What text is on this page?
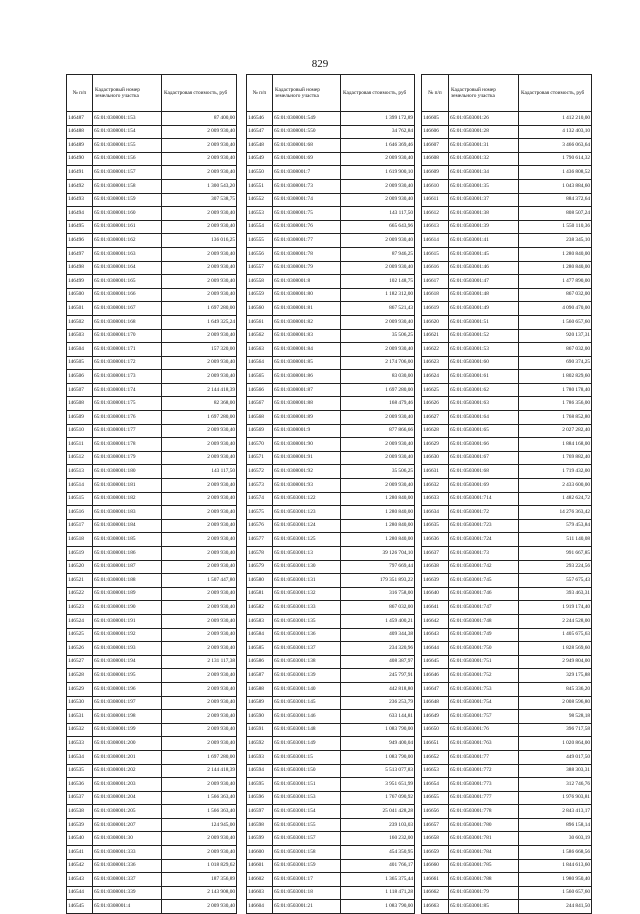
829
№ п/п	Кадастровый номер земельного участка	Кадастровая стоимость, руб
146487	65:01:0308001:153	87 400,00
146488	65:01:0308001:154	2 009 930,40
146489	65:01:0308001:155	2 009 930,40
146490	65:01:0308001:156	2 009 930,40
146491	65:01:0308001:157	2 009 930,40
146492	65:01:0308001:158	1 300 543,20
146493	65:01:0308001:159	307 538,75
146494	65:01:0308001:160	2 009 930,40
146495	65:01:0308001:161	2 009 930,40
146496	65:01:0308001:162	136 016,25
146497	65:01:0308001:163	2 009 930,40
146498	65:01:0308001:164	2 009 930,40
146499	65:01:0308001:165	2 009 930,40
146500	65:01:0308001:166	2 009 930,40
146501	65:01:0308001:167	1 697 280,00
146502	65:01:0308001:168	1 649 325,24
146503	65:01:0308001:170	2 009 930,40
146504	65:01:0308001:171	157 320,00
146505	65:01:0308001:172	2 009 930,40
146506	65:01:0308001:173	2 009 930,40
146507	65:01:0308001:174	2 144 418,39
146508	65:01:0308001:175	82 368,00
146509	65:01:0308001:176	1 697 280,00
146510	65:01:0308001:177	2 009 930,40
146511	65:01:0308001:178	2 009 930,40
146512	65:01:0308001:179	2 009 930,40
146513	65:01:0308001:180	143 117,50
146514	65:01:0308001:181	2 009 930,40
146515	65:01:0308001:182	2 009 930,40
146516	65:01:0308001:183	2 009 930,40
146517	65:01:0308001:184	2 009 930,40
146518	65:01:0308001:185	2 009 930,40
146519	65:01:0308001:186	2 009 930,40
146520	65:01:0308001:187	2 009 930,40
146521	65:01:0308001:188	1 507 447,80
146522	65:01:0308001:189	2 009 930,40
146523	65:01:0308001:190	2 009 930,40
146524	65:01:0308001:191	2 009 930,40
146525	65:01:0308001:192	2 009 930,40
146526	65:01:0308001:193	2 009 930,40
146527	65:01:0308001:194	2 131 117,38
146528	65:01:0308001:195	2 009 930,40
146529	65:01:0308001:196	2 009 930,40
146530	65:01:0308001:197	2 009 930,40
146531	65:01:0308001:198	2 009 930,40
146532	65:01:0308001:199	2 009 930,40
146533	65:01:0308001:200	2 009 930,40
146534	65:01:0308001:201	1 697 280,00
146535	65:01:0308001:202	2 144 418,39
146536	65:01:0308001:203	2 009 930,40
146537	65:01:0308001:204	1 566 363,40
146538	65:01:0308001:205	1 566 363,40
146539	65:01:0308001:207	124 945,00
146540	65:01:0308001:30	2 009 930,40
146541	65:01:0308001:333	2 009 930,40
146542	65:01:0308001:336	1 018 829,62
146543	65:01:0308001:337	187 356,89
146544	65:01:0308001:339	2 143 908,00
146545	65:01:0308001:4	2 009 930,40
№ п/п	Кадастровый номер земельного участка	Кадастровая стоимость, руб
146546	65:01:0308001:549	1 399 172,89
146547	65:01:0308001:550	34 762,84
146548	65:01:0308001:68	1 646 369,46
146549	65:01:0308001:69	2 009 930,40
146550	65:01:0308001:7	1 619 900,10
146551	65:01:0308001:73	2 009 930,40
146552	65:01:0308001:74	2 009 930,40
146553	65:01:0308001:75	143 117,50
146554	65:01:0308001:76	665 643,96
146555	65:01:0308001:77	2 009 930,40
146556	65:01:0308001:78	87 946,25
146557	65:01:0308001:79	2 009 930,40
146558	65:01:0308001:8	102 148,75
146559	65:01:0308001:80	1 182 312,00
146560	65:01:0308001:81	867 521,43
146561	65:01:0308001:82	2 009 930,40
146562	65:01:0308001:83	35 506,25
146563	65:01:0308001:84	2 009 930,40
146564	65:01:0308001:85	2 174 706,00
146565	65:01:0308001:86	83 030,00
146566	65:01:0308001:87	1 697 280,00
146567	65:01:0308001:88	168 479,46
146568	65:01:0308001:89	2 009 930,40
146569	65:01:0308001:9	877 866,66
146570	65:01:0308001:90	2 009 930,40
146571	65:01:0308001:91	2 009 930,40
146572	65:01:0308001:92	35 506,25
146573	65:01:0308001:93	2 009 930,40
146574	65:01:0503001:122	1 280 840,00
146575	65:01:0503001:123	1 280 840,00
146576	65:01:0503001:124	1 280 840,00
146577	65:01:0503001:125	1 280 840,00
146578	65:01:0503001:13	39 126 704,10
146579	65:01:0503001:130	797 669,44
146580	65:01:0503001:131	179 351 893,22
146581	65:01:0503001:132	316 758,00
146582	65:01:0503001:133	867 032,00
146583	65:01:0503001:135	1 459 400,21
146584	65:01:0503001:136	409 344,38
146585	65:01:0503001:137	234 320,96
146586	65:01:0503001:138	408 387,97
146587	65:01:0503001:139	245 797,91
146588	65:01:0503001:140	442 818,80
146589	65:01:0503001:145	236 253,79
146590	65:01:0503001:146	633 144,81
146591	65:01:0503001:148	1 083 790,00
146592	65:01:0503001:149	949 400,04
146593	65:01:0503001:15	1 083 790,00
146594	65:01:0503001:150	5 513 077,83
146595	65:01:0503001:151	3 951 651,99
146596	65:01:0503001:153	1 767 090,92
146597	65:01:0503001:154	25 041 428,28
146598	65:01:0503001:155	239 103,03
146599	65:01:0503001:157	160 232,00
146600	65:01:0503001:158	454 350,95
146601	65:01:0503001:159	401 766,17
146602	65:01:0503001:17	1 365 375,44
146603	65:01:0503001:18	1 118 471,28
146604	65:01:0503001:21	1 083 790,00
№ п/п	Кадастровый номер земельного участка	Кадастровая стоимость, руб
146605	65:01:0503001:26	1 412 210,00
146606	65:01:0503001:28	4 132 403,10
146607	65:01:0503001:31	3 466 063,64
146608	65:01:0503001:32	1 790 614,32
146609	65:01:0503001:34	1 436 808,52
146610	65:01:0503001:35	1 043 884,60
146611	65:01:0503001:37	884 372,64
146612	65:01:0503001:38	808 507,24
146613	65:01:0503001:39	1 550 110,36
146614	65:01:0503001:41	238 345,10
146615	65:01:0503001:45	1 280 840,00
146616	65:01:0503001:46	1 280 840,00
146617	65:01:0503001:47	1 477 890,00
146618	65:01:0503001:48	867 032,00
146619	65:01:0503001:49	4 090 470,00
146620	65:01:0503001:51	1 560 657,60
146621	65:01:0503001:52	920 137,31
146622	65:01:0503001:53	867 032,00
146623	65:01:0503001:60	690 374,25
146624	65:01:0503001:61	1 802 829,60
146625	65:01:0503001:62	1 780 178,40
146626	65:01:0503001:63	1 786 356,00
146627	65:01:0503001:64	1 768 852,80
146628	65:01:0503001:65	2 027 282,40
146629	65:01:0503001:66	1 884 168,00
146630	65:01:0503001:67	1 769 882,40
146631	65:01:0503001:68	1 719 432,00
146632	65:01:0503001:69	2 433 600,00
146633	65:01:0503001:714	1 482 624,72
146634	65:01:0503001:72	14 276 363,42
146635	65:01:0503001:723	579 453,84
146636	65:01:0503001:724	511 140,08
146637	65:01:0503001:73	991 667,85
146638	65:01:0503001:742	293 224,56
146639	65:01:0503001:745	557 675,43
146640	65:01:0503001:746	393 463,31
146641	65:01:0503001:747	1 919 174,40
146642	65:01:0503001:748	2 244 528,00
146643	65:01:0503001:749	1 405 675,63
146644	65:01:0503001:750	1 828 569,60
146645	65:01:0503001:751	2 949 804,00
146646	65:01:0503001:752	329 175,88
146647	65:01:0503001:753	845 336,20
146648	65:01:0503001:754	2 008 596,80
146649	65:01:0503001:757	98 528,18
146650	65:01:0503001:76	396 717,58
146651	65:01:0503001:763	1 020 864,00
146652	65:01:0503001:77	449 017,50
146653	65:01:0503001:772	388 303,31
146654	65:01:0503001:773	312 746,76
146655	65:01:0503001:777	1 976 903,81
146656	65:01:0503001:778	2 843 413,17
146657	65:01:0503001:780	896 158,14
146658	65:01:0503001:781	30 603,19
146659	65:01:0503001:784	1 586 668,56
146660	65:01:0503001:785	1 844 613,60
146661	65:01:0503001:788	1 980 950,40
146662	65:01:0503001:79	1 560 657,60
146663	65:01:0503001:85	244 841,50
